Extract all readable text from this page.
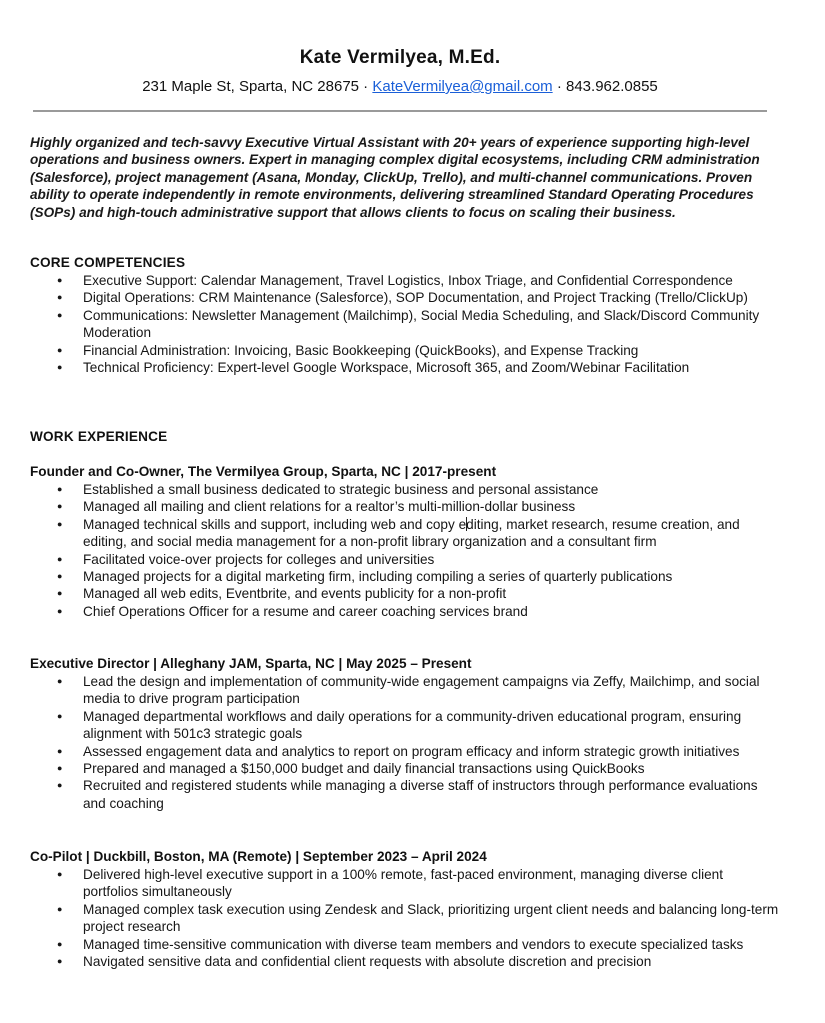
Kate Vermilyea, M.Ed.
231 Maple St, Sparta, NC 28675 · KateVermilyea@gmail.com · 843.962.0855
Highly organized and tech-savvy Executive Virtual Assistant with 20+ years of experience supporting high-level operations and business owners. Expert in managing complex digital ecosystems, including CRM administration (Salesforce), project management (Asana, Monday, ClickUp, Trello), and multi-channel communications. Proven ability to operate independently in remote environments, delivering streamlined Standard Operating Procedures (SOPs) and high-touch administrative support that allows clients to focus on scaling their business.
CORE COMPETENCIES
● Executive Support: Calendar Management, Travel Logistics, Inbox Triage, and Confidential Correspondence
● Digital Operations: CRM Maintenance (Salesforce), SOP Documentation, and Project Tracking (Trello/ClickUp)
● Communications: Newsletter Management (Mailchimp), Social Media Scheduling, and Slack/Discord Community Moderation
● Financial Administration: Invoicing, Basic Bookkeeping (QuickBooks), and Expense Tracking
● Technical Proficiency: Expert-level Google Workspace, Microsoft 365, and Zoom/Webinar Facilitation
WORK EXPERIENCE
Founder and Co-Owner, The Vermilyea Group, Sparta, NC | 2017-present
● Established a small business dedicated to strategic business and personal assistance
● Managed all mailing and client relations for a realtor’s multi-million-dollar business
● Managed technical skills and support, including web and copy editing, market research, resume creation, and editing, and social media management for a non-profit library organization and a consultant firm
● Facilitated voice-over projects for colleges and universities
● Managed projects for a digital marketing firm, including compiling a series of quarterly publications
● Managed all web edits, Eventbrite, and events publicity for a non-profit
● Chief Operations Officer for a resume and career coaching services brand
Executive Director | Alleghany JAM, Sparta, NC | May 2025 – Present
● Lead the design and implementation of community-wide engagement campaigns via Zeffy, Mailchimp, and social media to drive program participation
● Managed departmental workflows and daily operations for a community-driven educational program, ensuring alignment with 501c3 strategic goals
● Assessed engagement data and analytics to report on program efficacy and inform strategic growth initiatives
● Prepared and managed a $150,000 budget and daily financial transactions using QuickBooks
● Recruited and registered students while managing a diverse staff of instructors through performance evaluations and coaching
Co-Pilot | Duckbill, Boston, MA (Remote) | September 2023 – April 2024
● Delivered high-level executive support in a 100% remote, fast-paced environment, managing diverse client portfolios simultaneously
● Managed complex task execution using Zendesk and Slack, prioritizing urgent client needs and balancing long-term project research
● Managed time-sensitive communication with diverse team members and vendors to execute specialized tasks
● Navigated sensitive data and confidential client requests with absolute discretion and precision
